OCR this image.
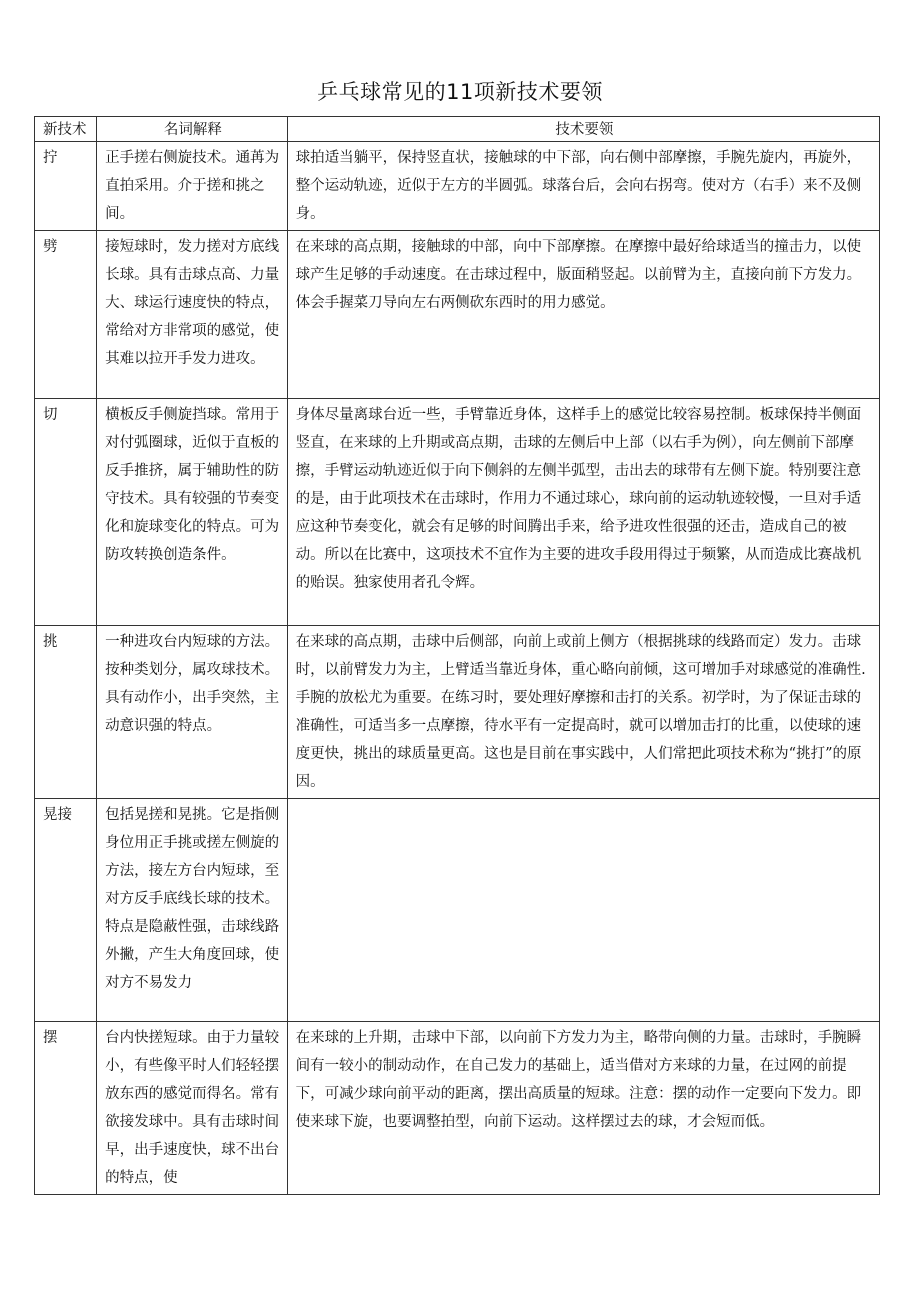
乒乓球常见的11项新技术要领
新技术	名词解释	技术要领
拧	正手搓右侧旋技术。通苒为直拍采用。介于搓和挑之 间。	球拍适当躺平，保持竖直状，接触球的中下部，向右侧中部摩擦，手腕先旋内，再旋外，整个运动轨迹，近似于左方的半圆弧。球落台后，会向右拐弯。使对方（右手）来不及侧身。
劈	接短球时，发力搓对方底线长球。具有击球点高、力量大、球运行速度快的特点，常给对方非常项的感觉，使其难以拉开手发力进攻。	在来球的高点期，接触球的中部，向中下部摩擦。在摩擦中最好给球适当的撞击力，以使球产生足够的手动速度。在击球过程中，版面稍竖起。以前臂为主，直接向前下方发力。体会手握菜刀导向左右两侧砍东西时的用力感觉。
切	横板反手侧旋挡球。常用于对付弧圈球，近似于直板的反手推挤，属于辅助性的防守技术。具有较强的节奏变化和旋球变化的特点。可为防攻转换创造条件。	身体尽量离球台近一些，手臂靠近身体，这样手上的感觉比较容易控制。板球保持半侧面竖直，在来球的上升期或高点期，击球的左侧后中上部（以右手为例），向左侧前下部摩擦，手臂运动轨迹近似于向下侧斜的左侧半弧型，击出去的球带有左侧下旋。特别要注意的是，由于此项技术在击球时，作用力不通过球心，球向前的运动轨迹较慢，一旦对手适应这种节奏变化，就会有足够的时间腾出手来，给予进攻性很强的还击，造成自己的被动。所以在比赛中，这项技术不宜作为主要的进攻手段用得过于频繁，从而造成比赛战机的贻误。独家使用者孔令辉。
挑	一种进攻台内短球的方法。按种类划分，属攻球技术。具有动作小，出手突然，主动意识强的特点。	在来球的高点期，击球中后侧部，向前上或前上侧方（根据挑球的线路而定）发力。击球时，以前臂发力为主，上臂适当靠近身体，重心略向前倾，这可增加手对球感觉的准确性.手腕的放松尤为重要。在练习时，要处理好摩擦和击打的关系。初学时，为了保证击球的准确性，可适当多一点摩擦，待水平有一定提高时，就可以增加击打的比重，以使球的速度更快，挑出的球质量更高。这也是目前在事实践中，人们常把此项技术称为“挑打”的原因。
晃接	包括晃搓和晃挑。它是指侧身位用正手挑或搓左侧旋的方法，接左方台内短球，至对方反手底线长球的技术。特点是隐蔽性强，击球线路外撇，产生大角度回球，使对方不易发力	
摆	台内快搓短球。由于力量较小，有些像平时人们轻轻摆放东西的感觉而得名。常有欲接发球中。具有击球时间早，出手速度快，球不出台的特点，使	在来球的上升期，击球中下部，以向前下方发力为主，略带向侧的力量。击球时，手腕瞬间有一较小的制动动作，在自己发力的基础上，适当借对方来球的力量，在过网的前提下，可减少球向前平动的距离，摆出高质量的短球。注意：摆的动作一定要向下发力。即使来球下旋，也要调整拍型，向前下运动。这样摆过去的球，才会短而低。
